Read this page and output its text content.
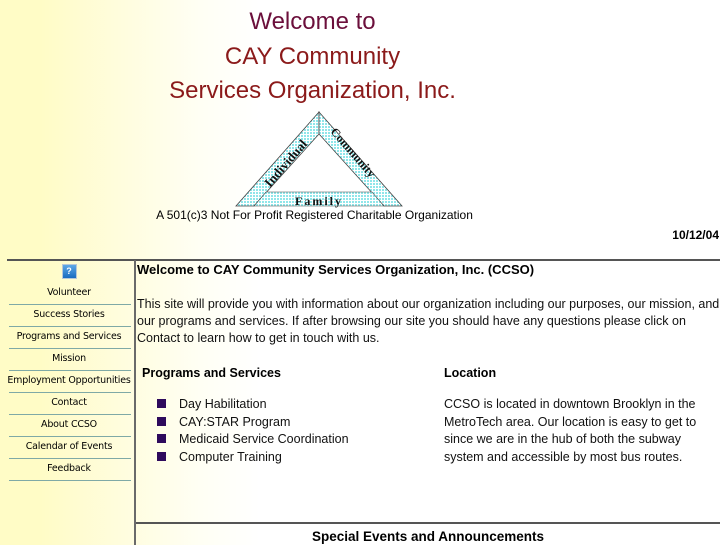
Welcome to
CAY Community
Services Organization, Inc.
Individual Community
Family
A 501(c)3 Not For Profit Registered Charitable Organization
10/12/04
?
Volunteer
Success Stories
Programs and Services
Mission
Employment Opportunities
Contact
About CCSO
Calendar of Events
Feedback
Welcome to CAY Community Services Organization, Inc. (CCSO)

This site will provide you with information about our organization including our purposes, our mission, and our programs and services. If after browsing our site you should have any questions please click on Contact to learn how to get in touch with us.

Programs and Services
Day Habilitation
CAY:STAR Program
Medicaid Service Coordination
Computer Training
Location

CCSO is located in downtown Brooklyn in the MetroTech area. Our location is easy to get to since we are in the hub of both the subway system and accessible by most bus routes.

Special Events and Announcements
